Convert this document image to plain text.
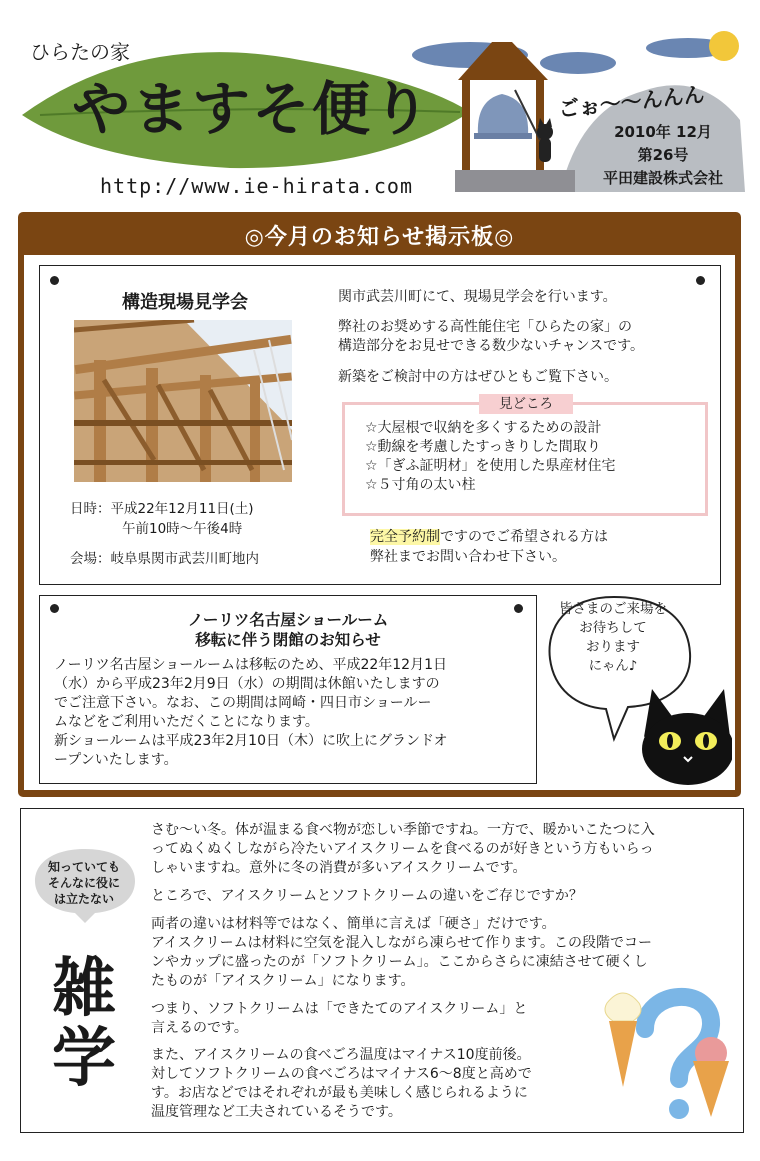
ひらたの家
やますそ便り
http://www.ie-hirata.com
ごぉ〜〜んんん
2010年 12月
第26号
平田建設株式会社
◎今月のお知らせ掲示板◎
構造現場見学会
日時：平成22年12月11日(土)
午前10時〜午後4時
会場：岐阜県関市武芸川町地内
関市武芸川町にて、現場見学会を行います。
弊社のお奨めする高性能住宅「ひらたの家」の
構造部分をお見せできる数少ないチャンスです。
新築をご検討中の方はぜひともご覧下さい。
見どころ
☆大屋根で収納を多くするための設計
☆動線を考慮したすっきりした間取り
☆「ぎふ証明材」を使用した県産材住宅
☆５寸角の太い柱
完全予約制ですのでご希望される方は
弊社までお問い合わせ下さい。
ノーリツ名古屋ショールーム
移転に伴う閉館のお知らせ
ノーリツ名古屋ショールームは移転のため、平成22年12月1日
（水）から平成23年2月9日（水）の期間は休館いたしますの
でご注意下さい。なお、この期間は岡崎・四日市ショールー
ムなどをご利用いただくことになります。
新ショールームは平成23年2月10日（木）に吹上にグランドオ
ープンいたします。
皆さまのご来場を
お待ちして
おります
にゃん♪
知っていても
そんなに役に
は立たない
雑
学
さむ〜い冬。体が温まる食べ物が恋しい季節ですね。一方で、暖かいこたつに入
ってぬくぬくしながら冷たいアイスクリームを食べるのが好きという方もいらっ
しゃいますね。意外に冬の消費が多いアイスクリームです。
ところで、アイスクリームとソフトクリームの違いをご存じですか？
両者の違いは材料等ではなく、簡単に言えば「硬さ」だけです。
アイスクリームは材料に空気を混入しながら凍らせて作ります。この段階でコー
ンやカップに盛ったのが「ソフトクリーム」。ここからさらに凍結させて硬くし
たものが「アイスクリーム」になります。
つまり、ソフトクリームは「できたてのアイスクリーム」と
言えるのです。
また、アイスクリームの食べごろ温度はマイナス10度前後。
対してソフトクリームの食べごろはマイナス6〜8度と高めで
す。お店などではそれぞれが最も美味しく感じられるように
温度管理など工夫されているそうです。
